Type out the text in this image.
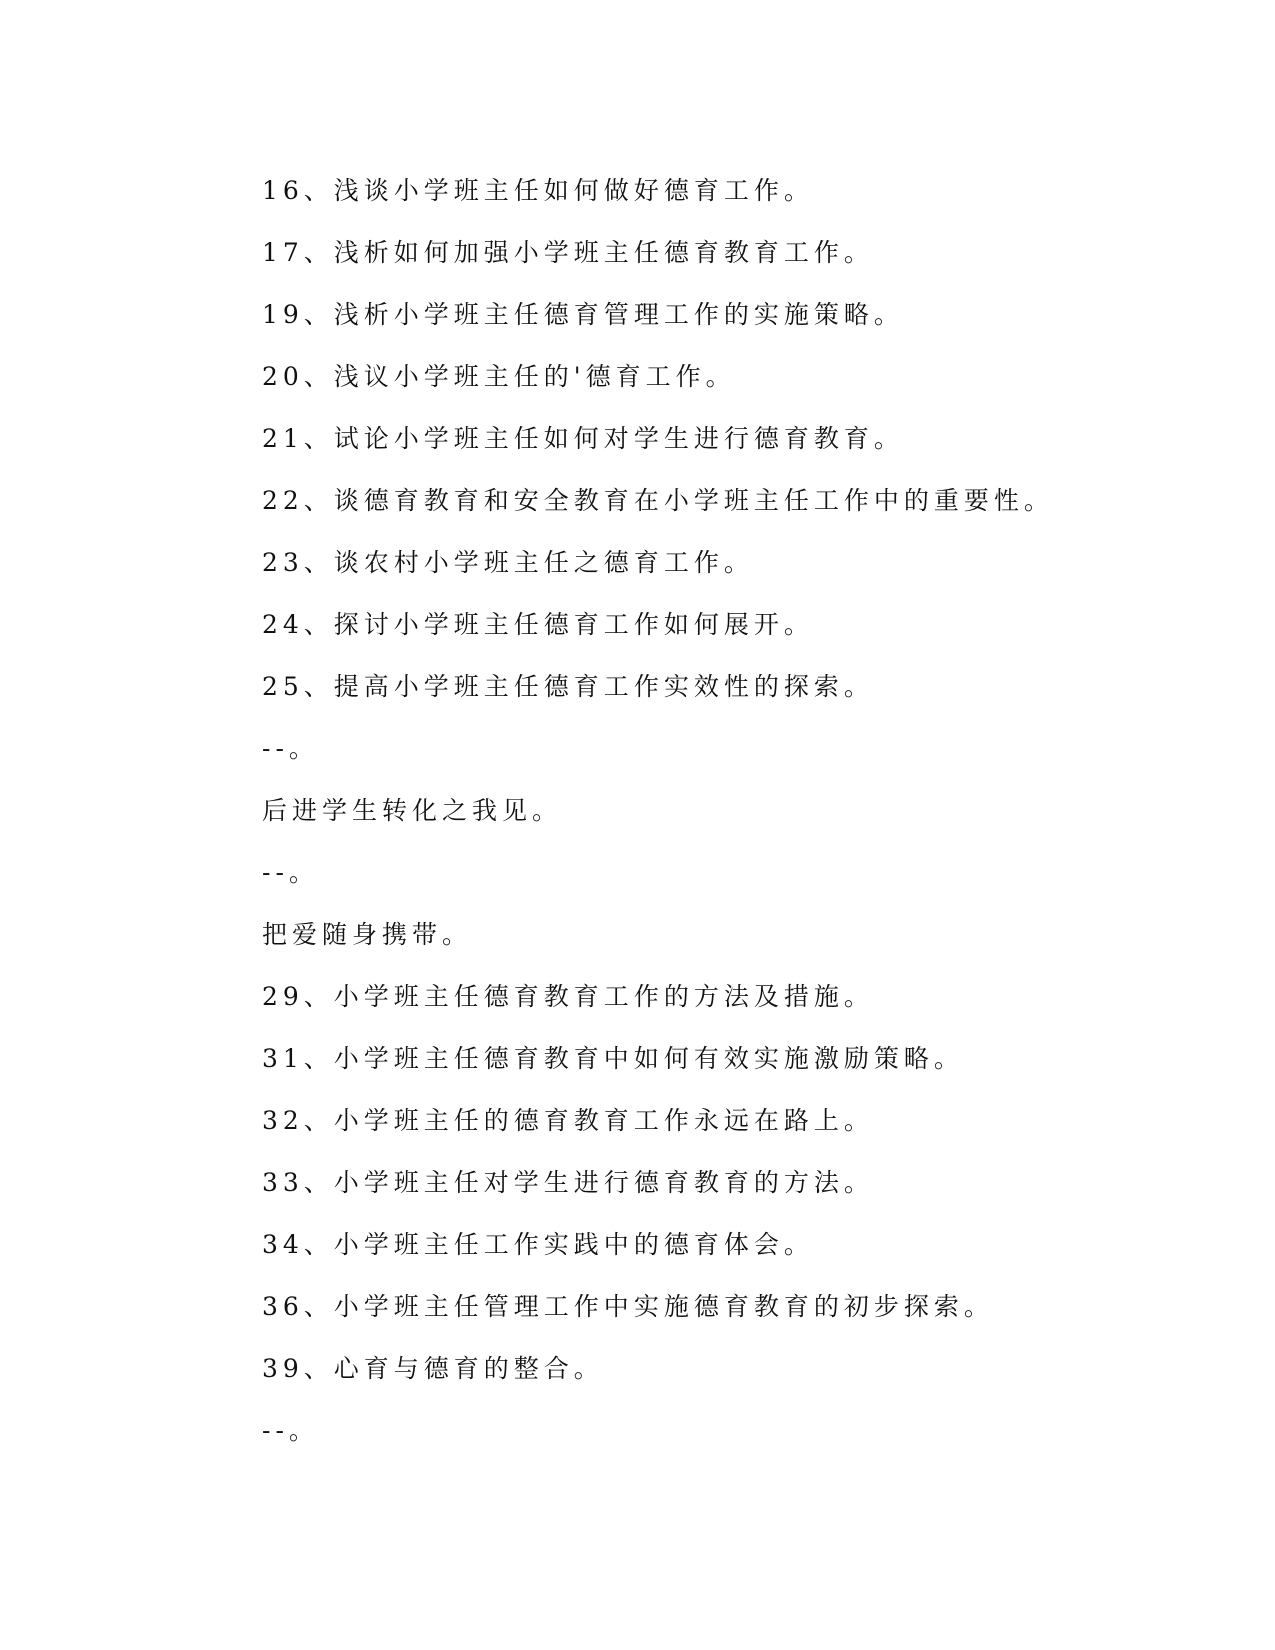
16、浅谈小学班主任如何做好德育工作。
17、浅析如何加强小学班主任德育教育工作。
19、浅析小学班主任德育管理工作的实施策略。
20、浅议小学班主任的'德育工作。
21、试论小学班主任如何对学生进行德育教育。
22、谈德育教育和安全教育在小学班主任工作中的重要性。
23、谈农村小学班主任之德育工作。
24、探讨小学班主任德育工作如何展开。
25、提高小学班主任德育工作实效性的探索。
--。
后进学生转化之我见。
--。
把爱随身携带。
29、小学班主任德育教育工作的方法及措施。
31、小学班主任德育教育中如何有效实施激励策略。
32、小学班主任的德育教育工作永远在路上。
33、小学班主任对学生进行德育教育的方法。
34、小学班主任工作实践中的德育体会。
36、小学班主任管理工作中实施德育教育的初步探索。
39、心育与德育的整合。
--。
